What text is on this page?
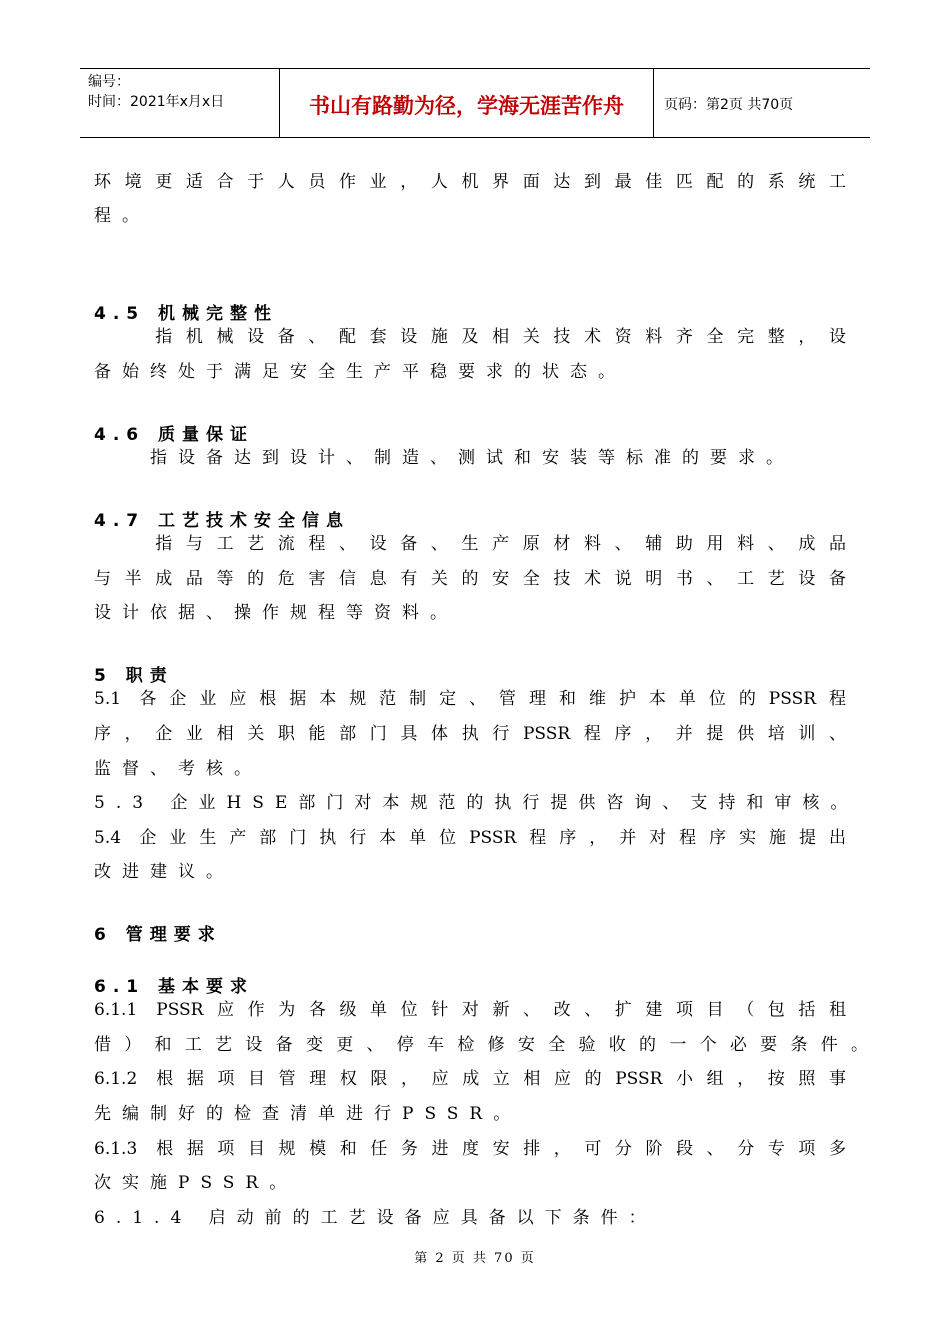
编号：
时间：2021年x月x日	书山有路勤为径，学海无涯苦作舟	页码：第2页 共70页
环境更适合于人员作业，人机界面达到最佳匹配的系统工
程。
4.5 机械完整性
　　指机械设备、配套设施及相关技术资料齐全完整，设
备始终处于满足安全生产平稳要求的状态。
4.6 质量保证
　　指设备达到设计、制造、测试和安装等标准的要求。
4.7 工艺技术安全信息
　　指与工艺流程、设备、生产原材料、辅助用料、成品
与半成品等的危害信息有关的安全技术说明书、工艺设备
设计依据、操作规程等资料。
5 职责
5.1 各企业应根据本规范制定、管理和维护本单位的PSSR程
序，企业相关职能部门具体执行PSSR程序，并提供培训、
监督、考核。
5.3 企业HSE部门对本规范的执行提供咨询、支持和审核。
5.4 企业生产部门执行本单位PSSR程序，并对程序实施提出
改进建议。
6 管理要求
6.1 基本要求
6.1.1 PSSR应作为各级单位针对新、改、扩建项目（包括租
借）和工艺设备变更、停车检修安全验收的一个必要条件。
6.1.2 根据项目管理权限，应成立相应的PSSR小组，按照事
先编制好的检查清单进行PSSR。
6.1.3 根据项目规模和任务进度安排，可分阶段、分专项多
次实施PSSR。
6.1.4 启动前的工艺设备应具备以下条件：
第 2 页 共 70 页
